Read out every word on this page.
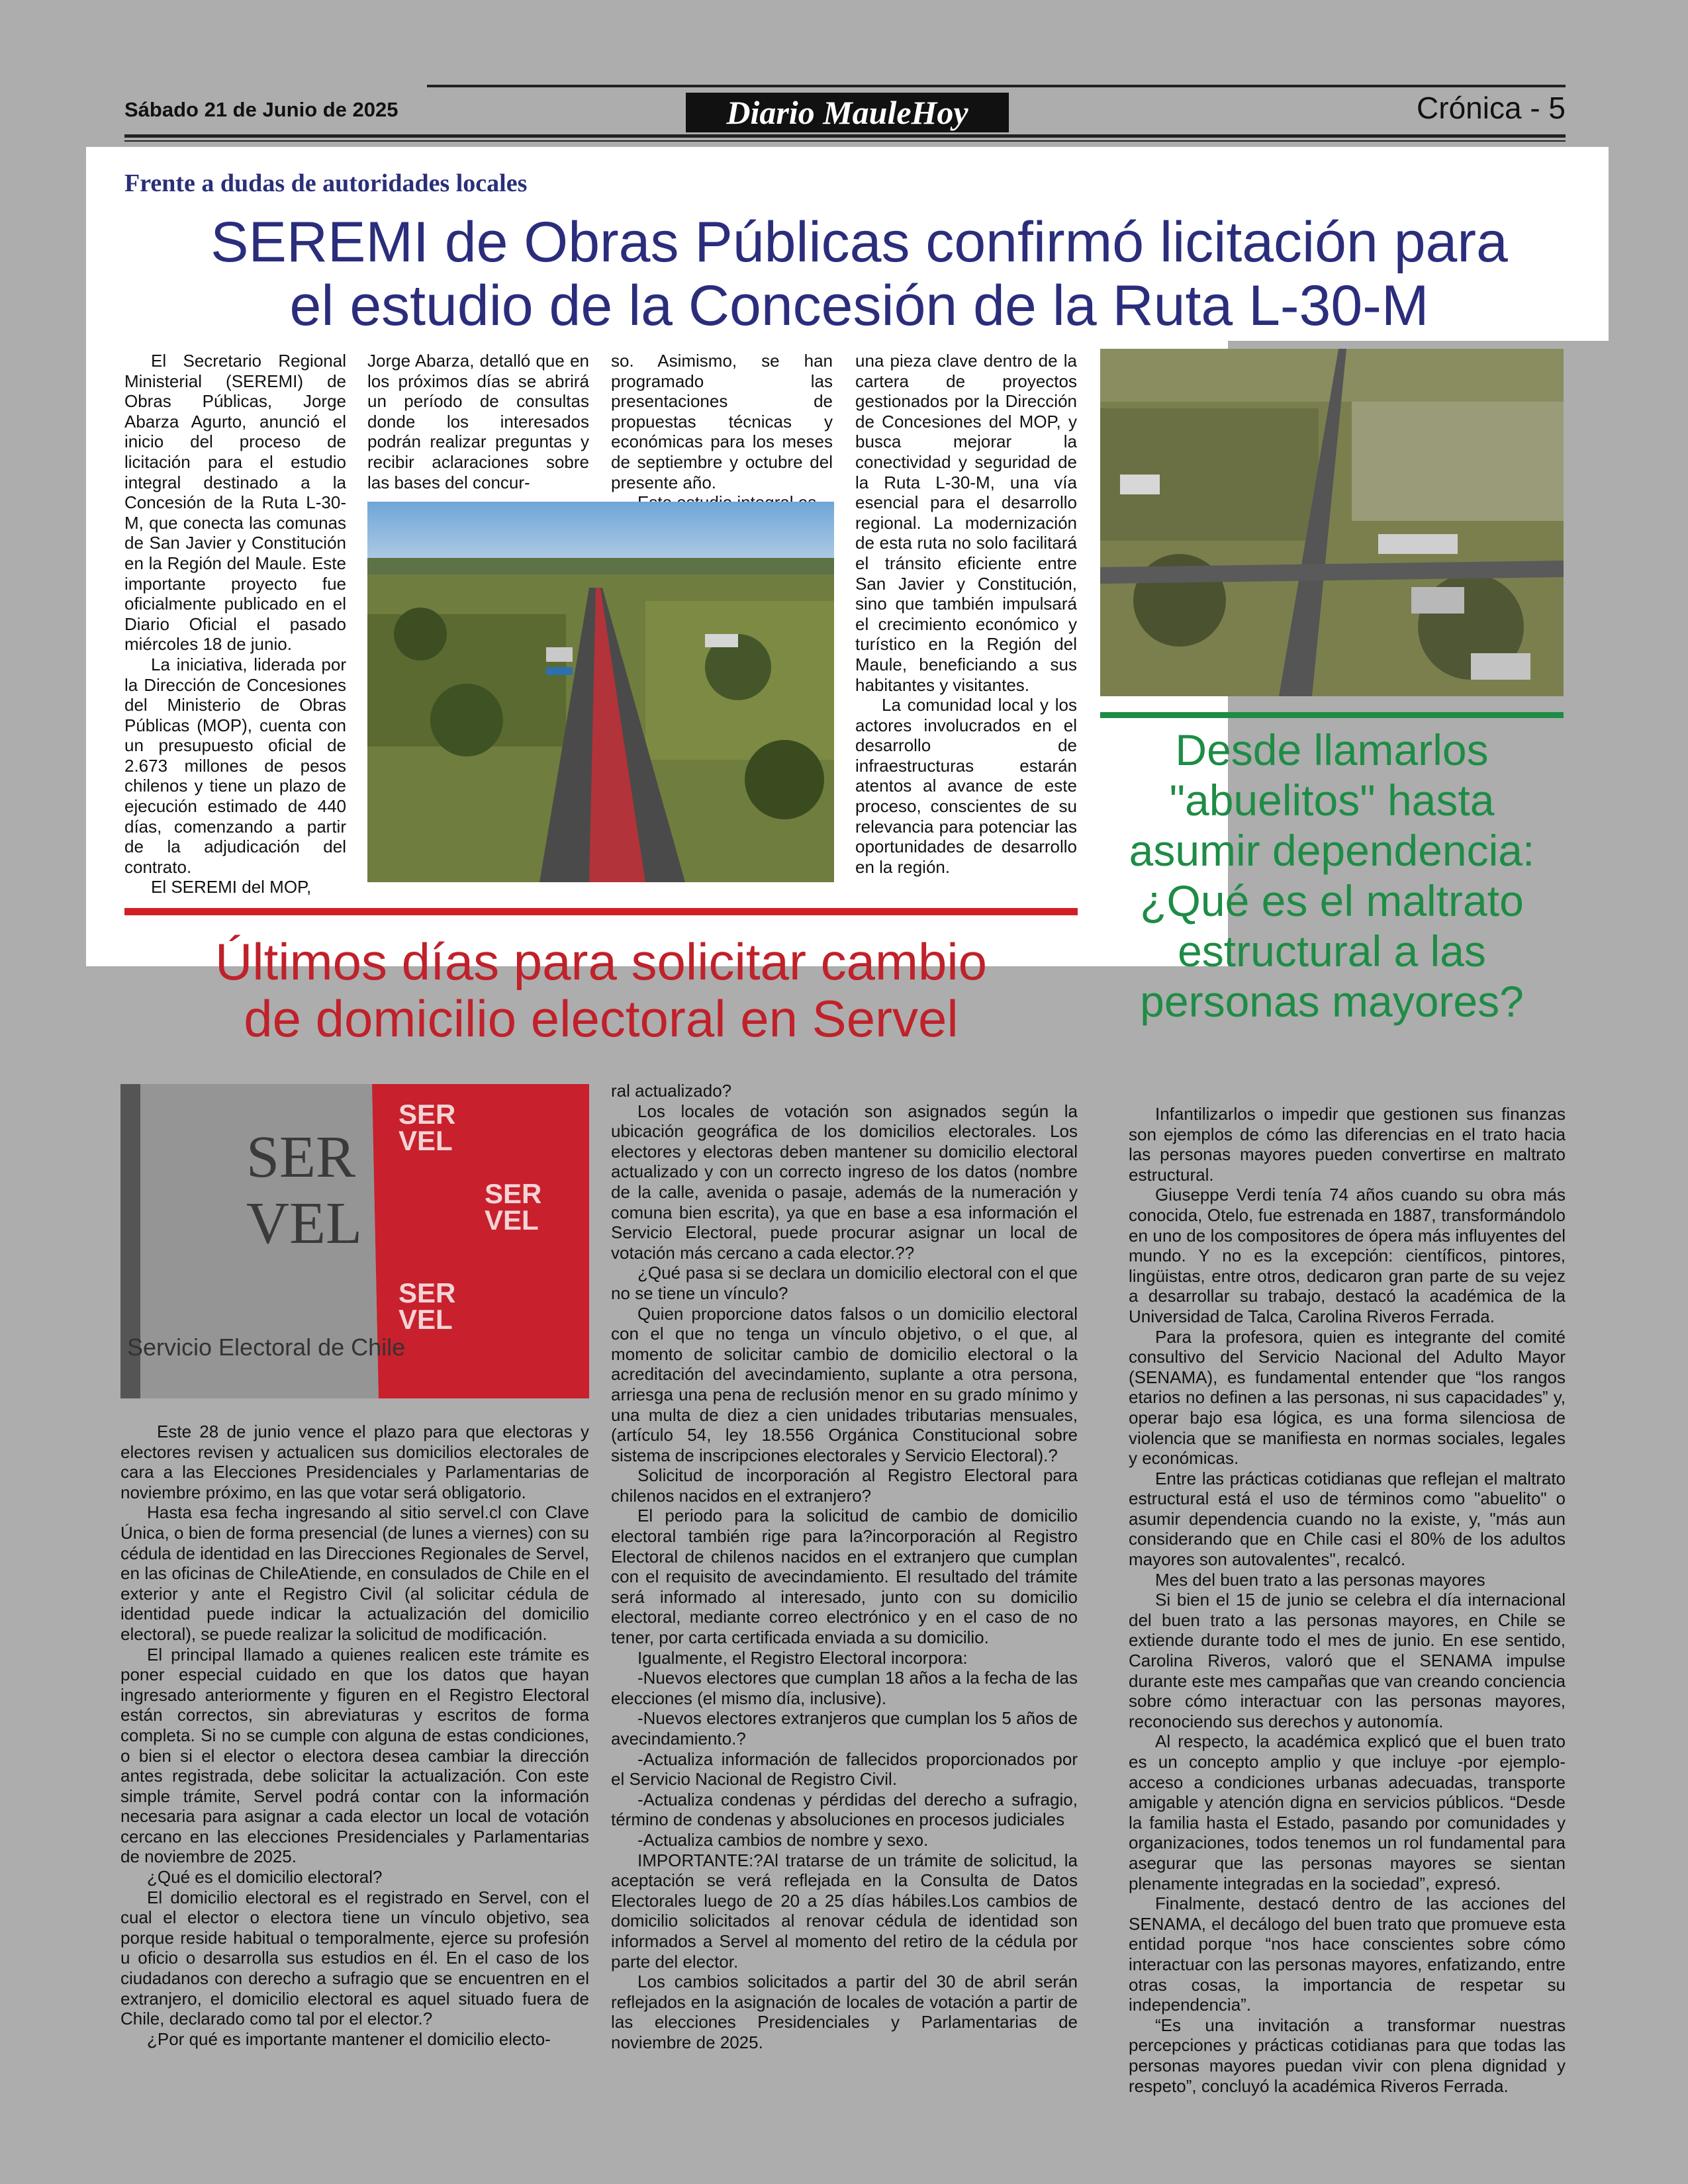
Sábado 21 de Junio de 2025	Diario MauleHoy	Crónica - 5
Frente a dudas de autoridades locales
SEREMI de Obras Públicas confirmó licitación para
el estudio de la Concesión de la Ruta L-30-M

El Secretario Regional Ministerial (SEREMI) de Obras Públicas, Jorge Abarza Agurto, anunció el inicio del proceso de licitación para el estudio integral destinado a la Concesión de la Ruta L-30-M, que conecta las comunas de San Javier y Constitución en la Región del Maule. Este importante proyecto fue oficialmente publicado en el Diario Oficial el pasado miércoles 18 de junio.

La iniciativa, liderada por la Dirección de Concesiones del Ministerio de Obras Públicas (MOP), cuenta con un presupuesto oficial de 2.673 millones de pesos chilenos y tiene un plazo de ejecución estimado de 440 días, comenzando a partir de la adjudicación del contrato.

El SEREMI del MOP,

Jorge Abarza, detalló que en los próximos días se abrirá un período de consultas donde los interesados podrán realizar preguntas y recibir aclaraciones sobre las bases del concur-

so. Asimismo, se han programado las presentaciones de propuestas técnicas y económicas para los meses de septiembre y octubre del presente año.

una pieza clave dentro de la cartera de proyectos gestionados por la Dirección de Concesiones del MOP, y busca mejorar la conectividad y seguridad de la Ruta L-30-M, una vía esencial para el desarrollo regional. La modernización de esta ruta no solo facilitará el tránsito eficiente entre San Javier y Constitución, sino que también impulsará el crecimiento económico y turístico en la Región del Maule, beneficiando a sus habitantes y visitantes.

La comunidad local y los actores involucrados en el desarrollo de infraestructuras estarán atentos al avance de este proceso, conscientes de su relevancia para potenciar las oportunidades de desarrollo en la región.

Desde llamarlos "abuelitos" hasta asumir dependencia: ¿Qué es el maltrato estructural a las personas mayores?
Últimos días para solicitar cambio
de domicilio electoral en Servel
SER
VEL
SER
VEL
SER
VEL
SER
VEL
Servicio Electoral de Chile

Este 28 de junio vence el plazo para que electoras y electores revisen y actualicen sus domicilios electorales de cara a las Elecciones Presidenciales y Parlamentarias de noviembre próximo, en las que votar será obligatorio.

Hasta esa fecha ingresando al sitio servel.cl con Clave Única, o bien de forma presencial (de lunes a viernes) con su cédula de identidad en las Direcciones Regionales de Servel, en las oficinas de ChileAtiende, en consulados de Chile en el exterior y ante el Registro Civil (al solicitar cédula de identidad puede indicar la actualización del domicilio electoral), se puede realizar la solicitud de modificación.

El principal llamado a quienes realicen este trámite es poner especial cuidado en que los datos que hayan ingresado anteriormente y figuren en el Registro Electoral están correctos, sin abreviaturas y escritos de forma completa. Si no se cumple con alguna de estas condiciones, o bien si el elector o electora desea cambiar la dirección antes registrada, debe solicitar la actualización. Con este simple trámite, Servel podrá contar con la información necesaria para asignar a cada elector un local de votación cercano en las elecciones Presidenciales y Parlamentarias de noviembre de 2025.

¿Qué es el domicilio electoral?

El domicilio electoral es el registrado en Servel, con el cual el elector o electora tiene un vínculo objetivo, sea porque reside habitual o temporalmente, ejerce su profesión u oficio o desarrolla sus estudios en él. En el caso de los ciudadanos con derecho a sufragio que se encuentren en el extranjero, el domicilio electoral es aquel situado fuera de Chile, declarado como tal por el elector.?

¿Por qué es importante mantener el domicilio electo-

ral actualizado?

Los locales de votación son asignados según la ubicación geográfica de los domicilios electorales. Los electores y electoras deben mantener su domicilio electoral actualizado y con un correcto ingreso de los datos (nombre de la calle, avenida o pasaje, además de la numeración y comuna bien escrita), ya que en base a esa información el Servicio Electoral, puede procurar asignar un local de votación más cercano a cada elector.??

¿Qué pasa si se declara un domicilio electoral con el que no se tiene un vínculo?

Quien proporcione datos falsos o un domicilio electoral con el que no tenga un vínculo objetivo, o el que, al momento de solicitar cambio de domicilio electoral o la acreditación del avecindamiento, suplante a otra persona, arriesga una pena de reclusión menor en su grado mínimo y una multa de diez a cien unidades tributarias mensuales, (artículo 54, ley 18.556 Orgánica Constitucional sobre sistema de inscripciones electorales y Servicio Electoral).?

Solicitud de incorporación al Registro Electoral para chilenos nacidos en el extranjero?

El periodo para la solicitud de cambio de domicilio electoral también rige para la?incorporación al Registro Electoral de chilenos nacidos en el extranjero que cumplan con el requisito de avecindamiento. El resultado del trámite será informado al interesado, junto con su domicilio electoral, mediante correo electrónico y en el caso de no tener, por carta certificada enviada a su domicilio.

Igualmente, el Registro Electoral incorpora:

-Nuevos electores que cumplan 18 años a la fecha de las elecciones (el mismo día, inclusive).

-Nuevos electores extranjeros que cumplan los 5 años de avecindamiento.?

-Actualiza información de fallecidos proporcionados por el Servicio Nacional de Registro Civil.

-Actualiza condenas y pérdidas del derecho a sufragio, término de condenas y absoluciones en procesos judiciales

-Actualiza cambios de nombre y sexo.

IMPORTANTE:?Al tratarse de un trámite de solicitud, la aceptación se verá reflejada en la Consulta de Datos Electorales luego de 20 a 25 días hábiles.Los cambios de domicilio solicitados al renovar cédula de identidad son informados a Servel al momento del retiro de la cédula por parte del elector.

Los cambios solicitados a partir del 30 de abril serán reflejados en la asignación de locales de votación a partir de las elecciones Presidenciales y Parlamentarias de noviembre de 2025.

Infantilizarlos o impedir que gestionen sus finanzas son ejemplos de cómo las diferencias en el trato hacia las personas mayores pueden convertirse en maltrato estructural.

Giuseppe Verdi tenía 74 años cuando su obra más conocida, Otelo, fue estrenada en 1887, transformándolo en uno de los compositores de ópera más influyentes del mundo. Y no es la excepción: científicos, pintores, lingüistas, entre otros, dedicaron gran parte de su vejez a desarrollar su trabajo, destacó la académica de la Universidad de Talca, Carolina Riveros Ferrada.

Para la profesora, quien es integrante del comité consultivo del Servicio Nacional del Adulto Mayor (SENAMA), es fundamental entender que “los rangos etarios no definen a las personas, ni sus capacidades” y, operar bajo esa lógica, es una forma silenciosa de violencia que se manifiesta en normas sociales, legales y económicas.

Entre las prácticas cotidianas que reflejan el maltrato estructural está el uso de términos como "abuelito" o asumir dependencia cuando no la existe, y, "más aun considerando que en Chile casi el 80% de los adultos mayores son autovalentes", recalcó.

Mes del buen trato a las personas mayores

Si bien el 15 de junio se celebra el día internacional del buen trato a las personas mayores, en Chile se extiende durante todo el mes de junio. En ese sentido, Carolina Riveros, valoró que el SENAMA impulse durante este mes campañas que van creando conciencia sobre cómo interactuar con las personas mayores, reconociendo sus derechos y autonomía.

Al respecto, la académica explicó que el buen trato es un concepto amplio y que incluye -por ejemplo- acceso a condiciones urbanas adecuadas, transporte amigable y atención digna en servicios públicos. “Desde la familia hasta el Estado, pasando por comunidades y organizaciones, todos tenemos un rol fundamental para asegurar que las personas mayores se sientan plenamente integradas en la sociedad”, expresó.

Finalmente, destacó dentro de las acciones del SENAMA, el decálogo del buen trato que promueve esta entidad porque “nos hace conscientes sobre cómo interactuar con las personas mayores, enfatizando, entre otras cosas, la importancia de respetar su independencia”.

“Es una invitación a transformar nuestras percepciones y prácticas cotidianas para que todas las personas mayores puedan vivir con plena dignidad y respeto”, concluyó la académica Riveros Ferrada.
